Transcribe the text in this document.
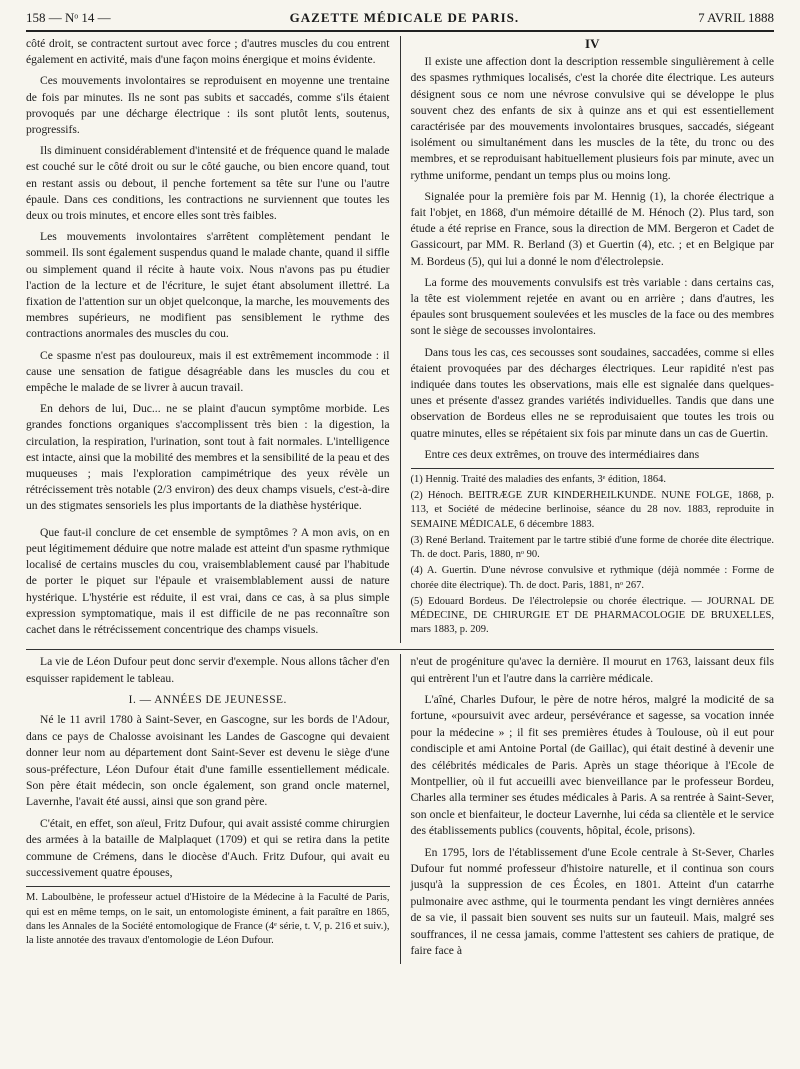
158 — Nᵒ 14 —	GAZETTE MÉDICALE DE PARIS.	7 AVRIL 1888

côté droit, se contractent surtout avec force ; d'autres muscles du cou entrent également en activité, mais d'une façon moins énergique et moins évidente.

Ces mouvements involontaires se reproduisent en moyenne une trentaine de fois par minutes. Ils ne sont pas subits et saccadés, comme s'ils étaient provoqués par une décharge électrique : ils sont plutôt lents, soutenus, progressifs.

Ils diminuent considérablement d'intensité et de fréquence quand le malade est couché sur le côté droit ou sur le côté gauche, ou bien encore quand, tout en restant assis ou debout, il penche fortement sa tête sur l'une ou l'autre épaule. Dans ces conditions, les contractions ne surviennent que toutes les deux ou trois minutes, et encore elles sont très faibles.

Les mouvements involontaires s'arrêtent complètement pendant le sommeil. Ils sont également suspendus quand le malade chante, quand il siffle ou simplement quand il récite à haute voix. Nous n'avons pas pu étudier l'action de la lecture et de l'écriture, le sujet étant absolument illettré. La fixation de l'attention sur un objet quelconque, la marche, les mouvements des membres supérieurs, ne modifient pas sensiblement le rythme des contractions anormales des muscles du cou.

Ce spasme n'est pas douloureux, mais il est extrêmement incommode : il cause une sensation de fatigue désagréable dans les muscles du cou et empêche le malade de se livrer à aucun travail.

En dehors de lui, Duc... ne se plaint d'aucun symptôme morbide. Les grandes fonctions organiques s'accomplissent très bien : la digestion, la circulation, la respiration, l'urination, sont tout à fait normales. L'intelligence est intacte, ainsi que la mobilité des membres et la sensibilité de la peau et des muqueuses ; mais l'exploration campimétrique des yeux révèle un rétrécissement très notable (2/3 environ) des deux champs visuels, c'est-à-dire un des stigmates sensoriels les plus importants de la diathèse hystérique.

Que faut-il conclure de cet ensemble de symptômes ? A mon avis, on en peut légitimement déduire que notre malade est atteint d'un spasme rythmique localisé de certains muscles du cou, vraisemblablement causé par l'habitude de porter le piquet sur l'épaule et vraisemblablement aussi de nature hystérique. L'hystérie est réduite, il est vrai, dans ce cas, à sa plus simple expression symptomatique, mais il est difficile de ne pas reconnaître son cachet dans le rétrécissement concentrique des champs visuels.

IV

Il existe une affection dont la description ressemble singulièrement à celle des spasmes rythmiques localisés, c'est la chorée dite électrique. Les auteurs désignent sous ce nom une névrose convulsive qui se développe le plus souvent chez des enfants de six à quinze ans et qui est essentiellement caractérisée par des mouvements involontaires brusques, saccadés, siégeant isolément ou simultanément dans les muscles de la tête, du tronc ou des membres, et se reproduisant habituellement plusieurs fois par minute, avec un rythme uniforme, pendant un temps plus ou moins long.

Signalée pour la première fois par M. Hennig (1), la chorée électrique a fait l'objet, en 1868, d'un mémoire détaillé de M. Hénoch (2). Plus tard, son étude a été reprise en France, sous la direction de MM. Bergeron et Cadet de Gassicourt, par MM. R. Berland (3) et Guertin (4), etc. ; et en Belgique par M. Bordeus (5), qui lui a donné le nom d'électrolepsie.

La forme des mouvements convulsifs est très variable : dans certains cas, la tête est violemment rejetée en avant ou en arrière ; dans d'autres, les épaules sont brusquement soulevées et les muscles de la face ou des membres sont le siège de secousses involontaires.

Dans tous les cas, ces secousses sont soudaines, saccadées, comme si elles étaient provoquées par des décharges électriques. Leur rapidité n'est pas indiquée dans toutes les observations, mais elle est signalée dans quelques-unes et présente d'assez grandes variétés individuelles. Tandis que dans une observation de Bordeus elles ne se reproduisaient que toutes les trois ou quatre minutes, elles se répétaient six fois par minute dans un cas de Guertin.

Entre ces deux extrêmes, on trouve des intermédiaires dans

(1) Hennig. Traité des maladies des enfants, 3ᵉ édition, 1864.

(2) Hénoch. BEITRÆGE ZUR KINDERHEILKUNDE. NUNE FOLGE, 1868, p. 113, et Société de médecine berlinoise, séance du 28 nov. 1883, reproduite in SEMAINE MÉDICALE, 6 décembre 1883.

(3) René Berland. Traitement par le tartre stibié d'une forme de chorée dite électrique. Th. de doct. Paris, 1880, nᵒ 90.

(4) A. Guertin. D'une névrose convulsive et rythmique (déjà nommée : Forme de chorée dite électrique). Th. de doct. Paris, 1881, nᵒ 267.

(5) Edouard Bordeus. De l'électrolepsie ou chorée électrique. — JOURNAL DE MÉDECINE, DE CHIRURGIE ET DE PHARMACOLOGIE DE BRUXELLES, mars 1883, p. 209.

La vie de Léon Dufour peut donc servir d'exemple. Nous allons tâcher d'en esquisser rapidement le tableau.

I. — ANNÉES DE JEUNESSE.

Né le 11 avril 1780 à Saint-Sever, en Gascogne, sur les bords de l'Adour, dans ce pays de Chalosse avoisinant les Landes de Gascogne qui devaient donner leur nom au département dont Saint-Sever est devenu le siège d'une sous-préfecture, Léon Dufour était d'une famille essentiellement médicale. Son père était médecin, son oncle également, son grand oncle maternel, Lavernhe, l'avait été aussi, ainsi que son grand père.

C'était, en effet, son aïeul, Fritz Dufour, qui avait assisté comme chirurgien des armées à la bataille de Malplaquet (1709) et qui se retira dans la petite commune de Crémens, dans le diocèse d'Auch. Fritz Dufour, qui avait eu successivement quatre épouses,

M. Laboulbène, le professeur actuel d'Histoire de la Médecine à la Faculté de Paris, qui est en même temps, on le sait, un entomologiste éminent, a fait paraître en 1865, dans les Annales de la Société entomologique de France (4ᵉ série, t. V, p. 216 et suiv.), la liste annotée des travaux d'entomologie de Léon Dufour.

n'eut de progéniture qu'avec la dernière. Il mourut en 1763, laissant deux fils qui entrèrent l'un et l'autre dans la carrière médicale.

L'aîné, Charles Dufour, le père de notre héros, malgré la modicité de sa fortune, «poursuivit avec ardeur, persévérance et sagesse, sa vocation innée pour la médecine » ; il fit ses premières études à Toulouse, où il eut pour condisciple et ami Antoine Portal (de Gaillac), qui était destiné à devenir une des célébrités médicales de Paris. Après un stage théorique à l'Ecole de Montpellier, où il fut accueilli avec bienveillance par le professeur Bordeu, Charles alla terminer ses études médicales à Paris. A sa rentrée à Saint-Sever, son oncle et bienfaiteur, le docteur Lavernhe, lui céda sa clientèle et le service des établissements publics (couvents, hôpital, école, prisons).

En 1795, lors de l'établissement d'une Ecole centrale à St-Sever, Charles Dufour fut nommé professeur d'histoire naturelle, et il continua son cours jusqu'à la suppression de ces Écoles, en 1801. Atteint d'un catarrhe pulmonaire avec asthme, qui le tourmenta pendant les vingt dernières années de sa vie, il passait bien souvent ses nuits sur un fauteuil. Mais, malgré ses souffrances, il ne cessa jamais, comme l'attestent ses cahiers de pratique, de faire face à
